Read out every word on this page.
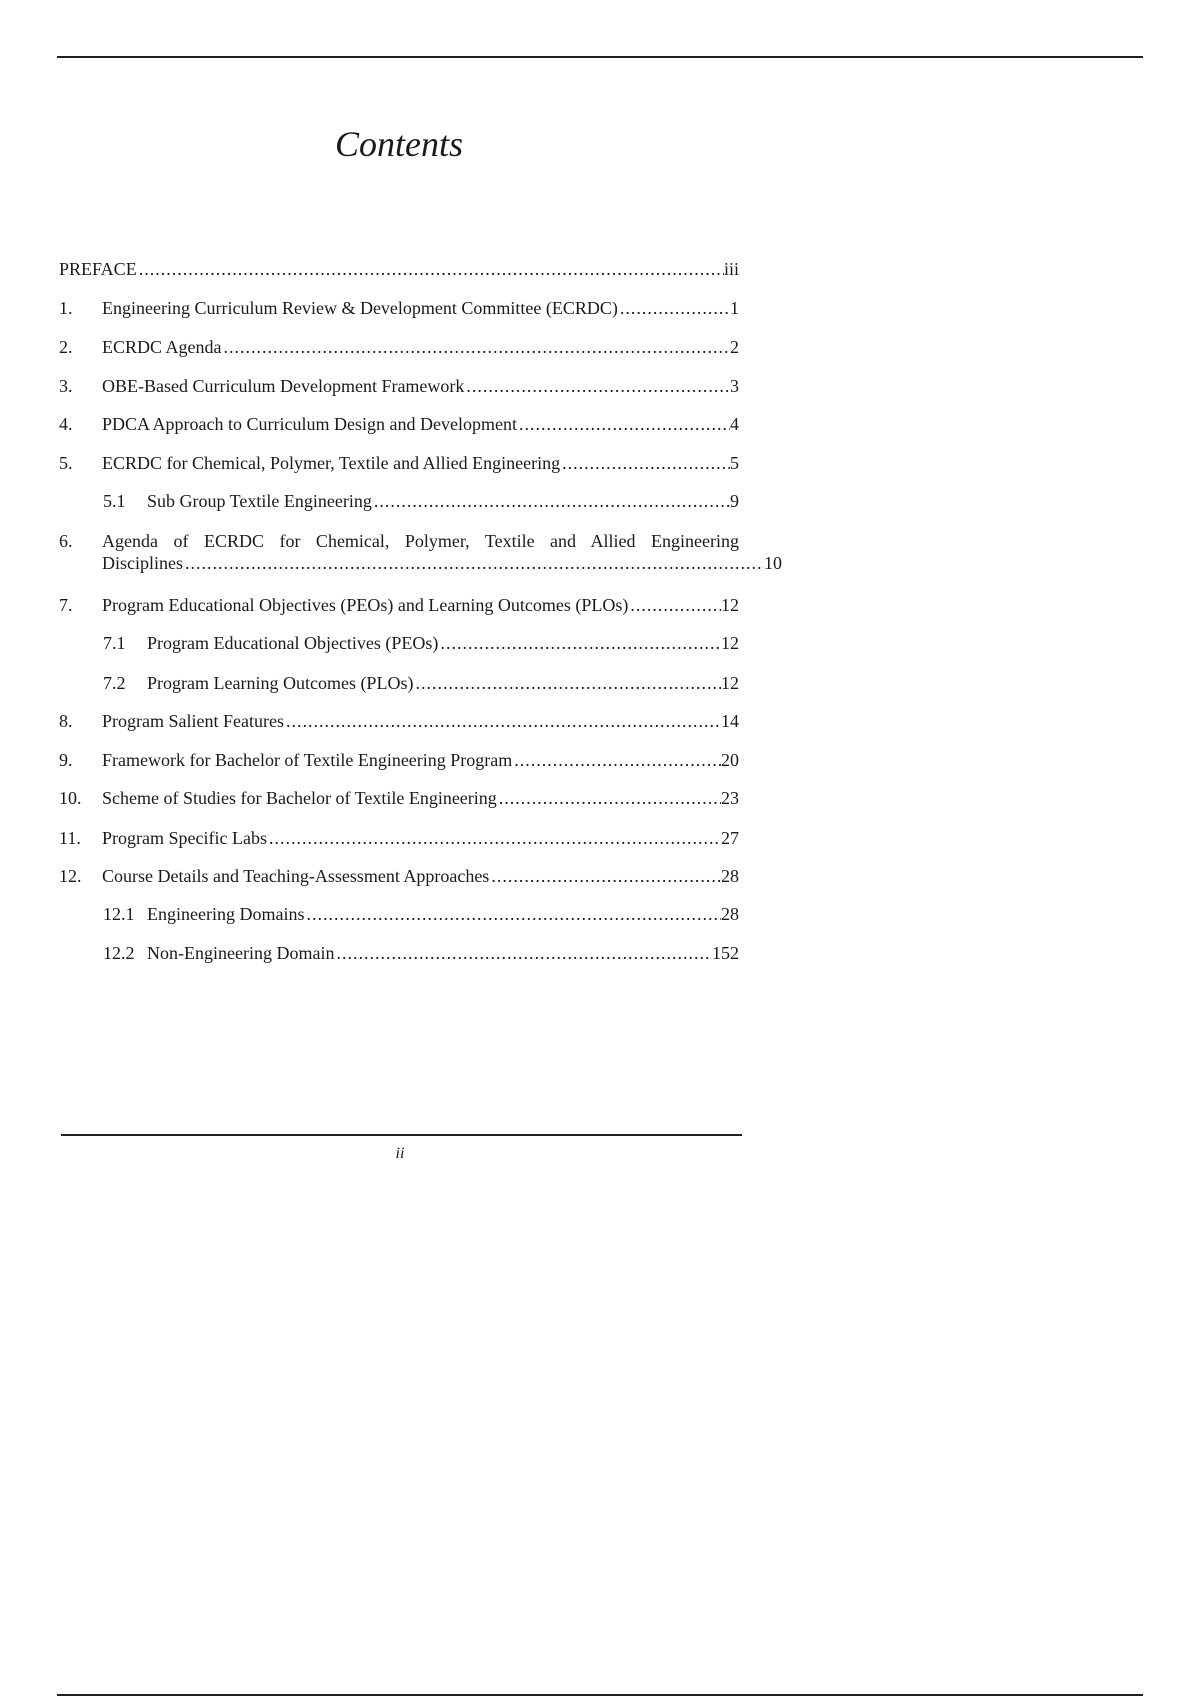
Contents
PREFACE .....	iii
1.	Engineering Curriculum Review & Development Committee (ECRDC) .....	1
2.	ECRDC Agenda .....	2
3.	OBE-Based Curriculum Development Framework .....	3
4.	PDCA Approach to Curriculum Design and Development .....	4
5.	ECRDC for Chemical, Polymer, Textile and Allied Engineering .....	5
5.1	Sub Group Textile Engineering .....	9
6.	Agenda of ECRDC for Chemical, Polymer, Textile and Allied Engineering
Disciplines .....	10
7.	Program Educational Objectives (PEOs) and Learning Outcomes (PLOs) .....	12
7.1	Program Educational Objectives (PEOs) .....	12
7.2	Program Learning Outcomes (PLOs) .....	12
8.	Program Salient Features .....	14
9.	Framework for Bachelor of Textile Engineering Program .....	20
10.	Scheme of Studies for Bachelor of Textile Engineering .....	23
11.	Program Specific Labs .....	27
12.	Course Details and Teaching-Assessment Approaches .....	28
12.1 Engineering Domains .....	28
12.2 Non-Engineering Domain .....	152
ii
